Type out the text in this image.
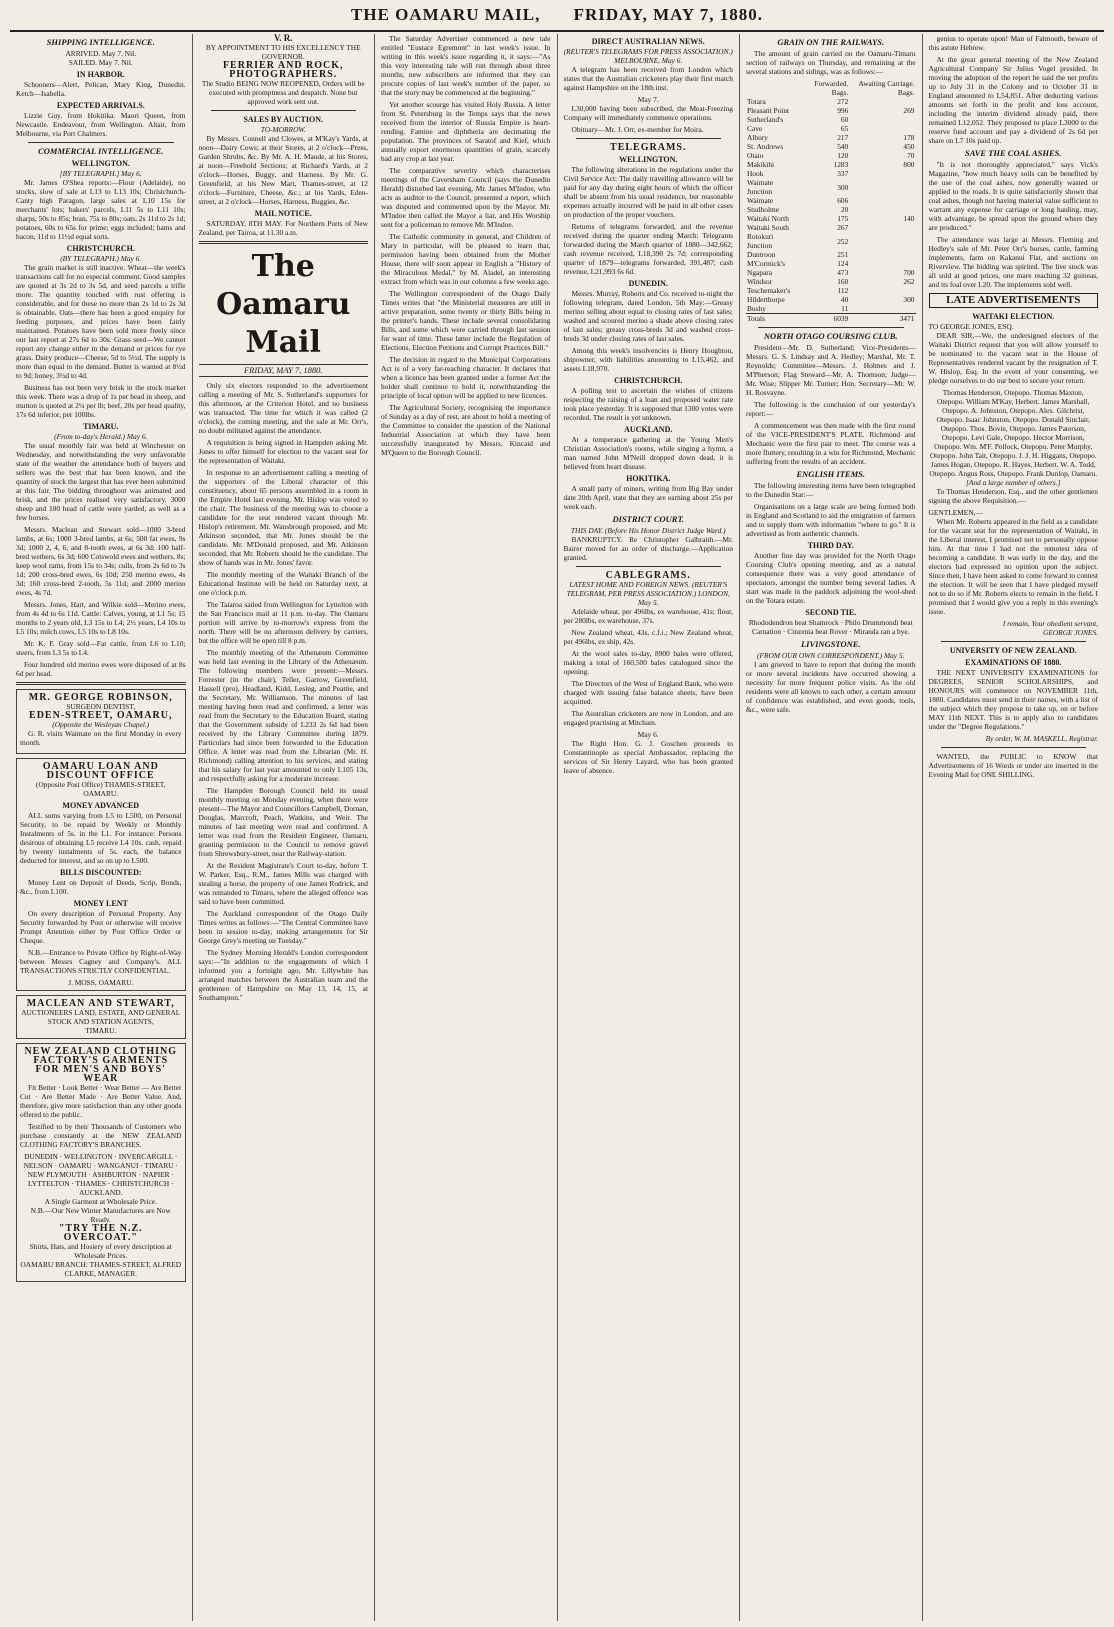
THE OAMARU MAIL,
FRIDAY, MAY 7, 1880.
SHIPPING INTELLIGENCE.
ARRIVED. May 7. Nil.
SAILED. May 7. Nil.
IN HARBOR.

Schooners—Alert, Pelican, Mary King, Dunedin. Ketch—Isabella.

EXPECTED ARRIVALS.

Lizzie Guy, from Hokitika. Maori Queen, from Newcastle. Endeavour, from Wellington. Altair, from Melbourne, via Port Chalmers.

COMMERCIAL INTELLIGENCE.
WELLINGTON.
[BY TELEGRAPH.] May 6.

Mr. James O'Shea reports:—Flour (Adelaide), no stocks, slow of sale at L13 to L13 10s; Christchurch-Canty high Paragon, large sales at L10 15s for merchants' lots; bakers' parcels, L11 5s to L11 10s; sharps, 50s to 85s; bran, 75s to 80s; oats, 2s 11d to 2s 1d; potatoes, 60s to 65s for prime; eggs included; hams and bacon, 11d to 11½d equal sorts.

CHRISTCHURCH.
(BY TELEGRAPH.) May 6.

The grain market is still inactive. Wheat—the week's transactions call for no especial comment. Good samples are quoted at 3s 2d to 3s 5d, and seed parcels a trifle more. The quantity touched with rust offering is considerable, and for these no more than 2s 1d to 2s 3d is obtainable. Oats—there has been a good enquiry for feeding purposes, and prices have been fairly maintained. Potatoes have been sold more freely since our last report at 27s 6d to 30s. Grass seed—We cannot report any change either in the demand or prices for rye grass. Dairy produce—Cheese, 5d to 5½d. The supply is more than equal to the demand. Butter is wanted at 8½d to 9d; honey, 3½d to 4d.

Business has not been very brisk in the stock market this week. There was a drop of 1s per head in sheep, and mutton is quoted at 2¼ per lb; beef, 20s per head quality, 17s 6d inferior, per 100lbs.

TIMARU.
(From to-day's Herald.) May 6.

The usual monthly fair was held at Winchester on Wednesday, and notwithstanding the very unfavorable state of the weather the attendance both of buyers and sellers was the best that has been known, and the quantity of stock the largest that has ever been submitted at this fair. The bidding throughout was animated and brisk, and the prices realised very satisfactory. 3000 sheep and 100 head of cattle were yarded, as well as a few horses.

Messrs. Maclean and Stewart sold—1000 3-bred lambs, at 6s; 1000 3-bred lambs, at 6s; 500 fat ewes, 9s 3d; 1000 2, 4, 6, and 8-tooth ewes, at 6s 3d; 100 half-bred wethers, 6s 3d; 600 Cotswold ewes and wethers, 8s; keep wool rams, from 15s to 34s; culls, from 2s 6d to 3s 1d; 200 cross-bred ewes, 6s 10d; 250 merino ewes, 4s 3d; 160 cross-bred 2-tooth, 5s 11d; and 2000 merino ewes, 4s 7d.

Messrs. Jones, Hart, and Wilkie sold—Merino ewes, from 4s 4d to 6s 11d. Cattle: Calves, young, at L1 5s; 15 months to 2 years old, L3 15s to L4; 2½ years, L4 10s to L5 10s; milch cows, L5 10s to L8 10s.

Mr. K. F. Gray sold—Fat cattle, from L6 to L10; steers, from L3 5s to L4.

Four hundred old merino ewes were disposed of at 8s 6d per head.

MR. GEORGE ROBINSON,
SURGEON DENTIST,
EDEN-STREET, OAMARU,
(Opposite the Wesleyan Chapel.)

G. R. visits Waimate on the first Monday in every month.

OAMARU LOAN AND DISCOUNT OFFICE
(Opposite Post Office) THAMES-STREET, OAMARU.
MONEY ADVANCED

ALL sums varying from L5 to L500, on Personal Security, to be repaid by Weekly or Monthly Instalments of 5s. in the L1. For instance: Persons desirous of obtaining L5 receive L4 10s. cash, repaid by twenty instalments of 5s. each, the balance deducted for interest, and so on up to L500.

BILLS DISCOUNTED:

Money Lent on Deposit of Deeds, Scrip, Bonds, &c., from L100.

MONEY LENT

On every description of Personal Property. Any Security forwarded by Post or otherwise will receive Prompt Attention either by Post Office Order or Cheque.

N.B.—Entrance to Private Office by Right-of-Way between Messrs Cagney and Company's. ALL TRANSACTIONS STRICTLY CONFIDENTIAL.

J. MOSS, OAMARU.
MACLEAN AND STEWART,
AUCTIONEERS LAND, ESTATE, AND GENERAL STOCK AND STATION AGENTS,
TIMARU.
NEW ZEALAND CLOTHING FACTORY'S GARMENTS FOR MEN'S AND BOYS' WEAR

Fit Better · Look Better · Wear Better — Are Better Cut · Are Better Made · Are Better Value. And, therefore, give more satisfaction than any other goods offered to the public.

Testified to by their Thousands of Customers who purchase constantly at the NEW ZEALAND CLOTHING FACTORY'S BRANCHES.

DUNEDIN · WELLINGTON · INVERCARGILL · NELSON · OAMARU · WANGANUI · TIMARU · NEW PLYMOUTH · ASHBURTON · NAPIER · LYTTELTON · THAMES · CHRISTCHURCH · AUCKLAND.
A Single Garment at Wholesale Price.
N.B.—Our New Winter Manufactures are Now Ready.
"TRY THE N.Z. OVERCOAT."
Shirts, Hats, and Hosiery of every description at Wholesale Prices.
OAMARU BRANCH: THAMES-STREET, ALFRED CLARKE, MANAGER.
V. R.
BY APPOINTMENT TO HIS EXCELLENCY THE GOVERNOR.
FERRIER AND ROCK, PHOTOGRAPHERS.
The Studio BEING NOW REOPENED, Orders will be executed with promptness and despatch. None but approved work sent out.
SALES BY AUCTION.
TO-MORROW.

By Messrs. Connell and Clowes, at M'Kay's Yards, at noon—Dairy Cows; at their Stores, at 2 o'clock—Press, Garden Shrubs, &c. By Mr. A. H. Maude, at his Stores, at noon—Freehold Sections; at Richard's Yards, at 2 o'clock—Horses, Buggy, and Harness. By Mr. G. Greenfield, at his New Mart, Thames-street, at 12 o'clock—Furniture, Cheese, &c.; at his Yards, Eden-street, at 2 o'clock—Horses, Harness, Buggies, &c.

MAIL NOTICE.

SATURDAY, 8TH MAY. For Northern Ports of New Zealand, per Tairoa, at 11.30 a.m.

The Oamaru Mail
FRIDAY, MAY 7, 1880.

Only six electors responded to the advertisement calling a meeting of Mr. S. Sutherland's supporters for this afternoon, at the Criterion Hotel, and no business was transacted. The time for which it was called (2 o'clock), the coming meeting, and the sale at Mr. Orr's, no doubt militated against the attendance.

A requisition is being signed in Hampden asking Mr. Jones to offer himself for election to the vacant seat for the representation of Waitaki.

In response to an advertisement calling a meeting of the supporters of the Liberal character of this constituency, about 65 persons assembled in a room in the Empire Hotel last evening. Mr. Hislop was voted to the chair. The business of the meeting was to choose a candidate for the seat rendered vacant through Mr. Hislop's retirement. Mr. Wansbrough proposed, and Mr. Atkinson seconded, that Mr. Jones should be the candidate. Mr. M'Donald proposed, and Mr. Atkinson seconded, that Mr. Roberts should be the candidate. The show of hands was in Mr. Jones' favor.

The monthly meeting of the Waitaki Branch of the Educational Institute will be held on Saturday next, at one o'clock p.m.

The Taiaroa sailed from Wellington for Lyttelton with the San Francisco mail at 11 p.m. to-day. The Oamaru portion will arrive by to-morrow's express from the north. There will be no afternoon delivery by carriers, but the office will be open till 8 p.m.

The monthly meeting of the Athenæum Committee was held last evening in the Library of the Athenæum. The following members were present:—Messrs. Forrester (in the chair), Teller, Garrow, Greenfield, Hassell (pro), Headland, Kidd, Lesing, and Peattie, and the Secretary, Mr. Williamson. The minutes of last meeting having been read and confirmed, a letter was read from the Secretary to the Education Board, stating that the Government subsidy of L233 2s 6d had been received by the Library Committee during 1879. Particulars had since been forwarded to the Education Office. A letter was read from the Librarian (Mr. H. Richmond) calling attention to his services, and stating that his salary for last year amounted to only L105 13s, and respectfully asking for a moderate increase.

The Hampden Borough Council held its usual monthly meeting on Monday evening, when there were present—The Mayor and Councillors Campbell, Dornan, Douglas, Marcroft, Peach, Watkins, and Weir. The minutes of last meeting were read and confirmed. A letter was read from the Resident Engineer, Oamaru, granting permission to the Council to remove gravel from Shrewsbury-street, near the Railway-station.

At the Resident Magistrate's Court to-day, before T. W. Parker, Esq., R.M., James Mills was charged with stealing a horse, the property of one James Rodrick, and was remanded to Timaru, where the alleged offence was said to have been committed.

The Auckland correspondent of the Otago Daily Times writes as follows:—"The Central Committee have been in session to-day, making arrangements for Sir George Grey's meeting on Tuesday."

The Sydney Morning Herald's London correspondent says:—"In addition to the engagements of which I informed you a fortnight ago, Mr. Lillywhite has arranged matches between the Australian team and the gentlemen of Hampshire on May 13, 14, 15, at Southampton."

The Saturday Advertiser commenced a new tale entitled "Eustace Egremont" in last week's issue. In writing in this week's issue regarding it, it says:—"As this very interesting tale will run through about three months, new subscribers are informed that they can procure copies of last week's number of the paper, so that the story may be commenced at the beginning."

Yet another scourge has visited Holy Russia. A letter from St. Petersburg in the Temps says that the news received from the interior of Russia Empire is heart-rending. Famine and diphtheria are decimating the population. The provinces of Saratof and Kief, which annually export enormous quantities of grain, scarcely had any crop at last year.

The comparative severity which characterises meetings of the Caversham Council (says the Dunedin Herald) disturbed last evening. Mr. James M'Indoe, who acts as auditor to the Council, presented a report, which was disputed and commented upon by the Mayor. Mr. M'Indoe then called the Mayor a liar, and His Worship sent for a policeman to remove Mr. M'Indoe.

The Catholic community in general, and Children of Mary in particular, will be pleased to learn that, permission having been obtained from the Mother House, there will soon appear in English a "History of the Miraculous Medal," by M. Aladel, an interesting extract from which was in our columns a few weeks ago.

The Wellington correspondent of the Otago Daily Times writes that "the Ministerial measures are still in active preparation, some twenty or thirty Bills being in the printer's hands. These include several consolidating Bills, and some which were carried through last session for want of time. These latter include the Regulation of Elections, Election Petitions and Corrupt Practices Bill."

The decision in regard to the Municipal Corporations Act is of a very far-reaching character. It declares that when a licence has been granted under a former Act the holder shall continue to hold it, notwithstanding the principle of local option will be applied to new licences.

The Agricultural Society, recognising the importance of Sunday as a day of rest, are about to hold a meeting of the Committee to consider the question of the National Industrial Association at which they have been successfully inaugurated by Messrs. Kincaid and M'Queen to the Borough Council.

DIRECT AUSTRALIAN NEWS.
(REUTER'S TELEGRAMS FOR PRESS ASSOCIATION.) MELBOURNE, May 6.

A telegram has been received from London which states that the Australian cricketers play their first match against Hampshire on the 18th inst.

May 7.

L30,000 having been subscribed, the Meat-Freezing Company will immediately commence operations.

Obituary—Mr. J. Orr, ex-member for Moira.

TELEGRAMS.
WELLINGTON.

The following alterations in the regulations under the Civil Service Act: The daily travelling allowance will be paid for any day during eight hours of which the officer shall be absent from his usual residence, but reasonable expenses actually incurred will be paid in all other cases on production of the proper vouchers.

Returns of telegrams forwarded, and the revenue received during the quarter ending March: Telegrams forwarded during the March quarter of 1880—342,662; cash revenue received, L18,390 2s 7d; corresponding quarter of 1879—telegrams forwarded, 391,487; cash revenue, L21,993 6s 6d.

DUNEDIN.

Messrs. Murray, Roberts and Co. received to-night the following telegram, dated London, 5th May:—Greasy merino selling about equal to closing rates of last sales; washed and scoured merino a shade above closing rates of last sales; greasy cross-breds 3d and washed cross-breds 3d under closing rates of last sales.

Among this week's insolvencies is Henry Houghton, shipowner, with liabilities amounting to L15,462, and assets L18,970.

CHRISTCHURCH.

A polling test to ascertain the wishes of citizens respecting the raising of a loan and proposed water rate took place yesterday. It is supposed that 1300 votes were recorded. The result is yet unknown.

AUCKLAND.

At a temperance gathering at the Young Men's Christian Association's rooms, while singing a hymn, a man named John M'Neill dropped down dead, it is believed from heart disease.

HOKITIKA.

A small party of miners, writing from Big Bay under date 20th April, state that they are earning about 25s per week each.

DISTRICT COURT.
THIS DAY. (Before His Honor District Judge Ward.)

BANKRUPTCY. Re Christopher Galbraith.—Mr. Bairer moved for an order of discharge.—Application granted.

CABLEGRAMS.
LATEST HOME AND FOREIGN NEWS. (REUTER'S TELEGRAM, PER PRESS ASSOCIATION.) LONDON, May 5.

Adelaide wheat, per 496lbs, ex warehouse, 41s; flour, per 280lbs, ex warehouse, 37s.

New Zealand wheat, 43s, c.f.i.; New Zealand wheat, per 496lbs, ex ship, 42s.

At the wool sales to-day, 8900 bales were offered, making a total of 160,500 bales catalogued since the opening.

The Directors of the West of England Bank, who were charged with issuing false balance sheets, have been acquitted.

The Australian cricketers are now in London, and are engaged practising at Mitcham.

May 6.

The Right Hon. G. J. Goschen proceeds to Constantinople as special Ambassador, replacing the services of Sir Henry Layard, who has been granted leave of absence.

GRAIN ON THE RAILWAYS.

The amount of grain carried on the Oamaru-Timaru section of railways on Thursday, and remaining at the several stations and sidings, was as follows:—

	Forwarded. Bags.	Awaiting Carriage. Bags.
Totara	272	
Pleasant Point	996	269
Sutherland's	60	
Cave	65	
Albury	217	178
St. Andrews	540	450
Otaio	120	70
Makikihi	1283	800
Hook	337	
Waimate Junction	300	
Waimate	606	
Studholme	20	
Waitaki North	175	140
Waitaki South	267	
Rotokuri Junction	252	
Duntroon	251	
M'Cormick's	124	
Ngapara	473	700
Windsor	160	262
Teschemaker's	112	
Hilderthorpe	40	300
Bushy	11	
Totals	6039	3471
NORTH OTAGO COURSING CLUB.

President—Mr. D. Sutherland; Vice-Presidents—Messrs. G. S. Lindsay and A. Hedley; Marshal, Mr. T. Reynolds; Committee—Messrs. J. Holmes and J. M'Pherson; Flag Steward—Mr. A. Thomson; Judge—Mr. Wise; Slipper Mr. Turner; Hon. Secretary—Mr. W. H. Rosvayne.

The following is the conclusion of our yesterday's report:—

A commencement was then made with the first round of the VICE-PRESIDENT'S PLATE. Richmond and Mechanic were the first pair to meet. The course was a more fluttery, resulting in a win for Richmond, Mechanic suffering from the results of an accident.

ENGLISH ITEMS.

The following interesting items have been telegraphed to the Dunedin Star:—

Organisations on a large scale are being formed both in England and Scotland to aid the emigration of farmers and to supply them with information "where to go." It is advertised as from authentic channels.

THIRD DAY.

Another fine day was provided for the North Otago Coursing Club's opening meeting, and as a natural consequence there was a very good attendance of spectators, amongst the number being several ladies. A start was made in the paddock adjoining the wool-shed on the Totara estate.

SECOND TIE.
Rhododendron beat Shamrock · Philo Drummondi beat Carnation · Cinzenia beat Rover · Miranda ran a bye.
LIVINGSTONE.
(FROM OUR OWN CORRESPONDENT.) May 5.

I am grieved to have to report that during the month or more several incidents have occurred showing a necessity for more frequent police visits. As the old residents were all known to each other, a certain amount of confidence was established, and even goods, tools, &c., were safe.

genius to operate upon! Man of Falmouth, beware of this astute Hebrew.

At the great general meeting of the New Zealand Agricultural Company Sir Julius Vogel presided. In moving the adoption of the report he said the net profits up to July 31 in the Colony and to October 31 in England amounted to L54,851. After deducting various amounts set forth in the profit and loss account, including the interim dividend already paid, there remained L12,052. They proposed to place L3000 to the reserve fund account and pay a dividend of 2s 6d per share on L7 10s paid up.

SAVE THE COAL ASHES.

"It is not thoroughly appreciated," says Vick's Magazine, "how much heavy soils can be benefited by the use of the coal ashes, now generally wasted or applied to the roads. It is quite satisfactorily shown that coal ashes, though not having material value sufficient to warrant any expense for carriage or long hauling, may, with advantage, be spread upon the ground where they are produced."

The attendance was large at Messrs. Fleming and Hedley's sale of Mr. Peter Orr's horses, cattle, farming implements, farm on Kakanui Flat, and sections on Riverview. The bidding was spirited. The live stock was all sold at good prices, one mare reaching 32 guineas, and its foal over L20. The implements sold well.

LATE ADVERTISEMENTS
WAITAKI ELECTION.
TO GEORGE JONES, ESQ.

DEAR SIR,—We, the undersigned electors of the Waitaki District request that you will allow yourself to be nominated to the vacant seat in the House of Representatives rendered vacant by the resignation of T. W. Hislop, Esq. In the event of your consenting, we pledge ourselves to do our best to secure your return.

Thomas Henderson, Otepopo. Thomas Maxton, Otepopo. William M'Kay, Herbert. James Marshall, Otepopo. A. Johnston, Otepopo. Alex. Gilchrist, Otepopo. Isaac Johnston, Otepopo. Donald Sinclair, Otepopo. Thos. Bovie, Otepopo. James Paterson, Otepopo. Levi Gale, Otepopo. Hector Morrison, Otepopo. Wm. M'F. Pollock, Otepopo. Peter Murphy, Otepopo. John Tait, Otepopo. J. J. H. Higgans, Otepopo. James Hogan, Otepopo. R. Hayes, Herbert. W. A. Todd, Otepopo. Angus Ross, Otepopo. Frank Dunlop, Oamaru.
[And a large number of others.]

To Thomas Henderson, Esq., and the other gentlemen signing the above Requisition.—

GENTLEMEN,—

When Mr. Roberts appeared in the field as a candidate for the vacant seat for the representation of Waitaki, in the Liberal interest, I promised not to personally oppose him. At that time I had not the remotest idea of becoming a candidate. It was early in the day, and the electors had expressed no opinion upon the subject. Since then, I have been asked to come forward to contest the election. It will be seen that I have pledged myself not to do so if Mr. Roberts elects to remain in the field. I promised that I would give you a reply in this evening's issue.

I remain, Your obedient servant,
GEORGE JONES.
UNIVERSITY OF NEW ZEALAND.
EXAMINATIONS OF 1880.

THE NEXT UNIVERSITY EXAMINATIONS for DEGREES, SENIOR SCHOLARSHIPS, and HONOURS will commence on NOVEMBER 11th, 1880. Candidates must send in their names, with a list of the subject which they propose to take up, on or before MAY 11th NEXT. This is to apply also to candidates under the "Degree Regulations."

By order, W. M. MASKELL, Registrar.

WANTED, the PUBLIC to KNOW that Advertisements of 16 Words or under are inserted in the Evening Mail for ONE SHILLING.
